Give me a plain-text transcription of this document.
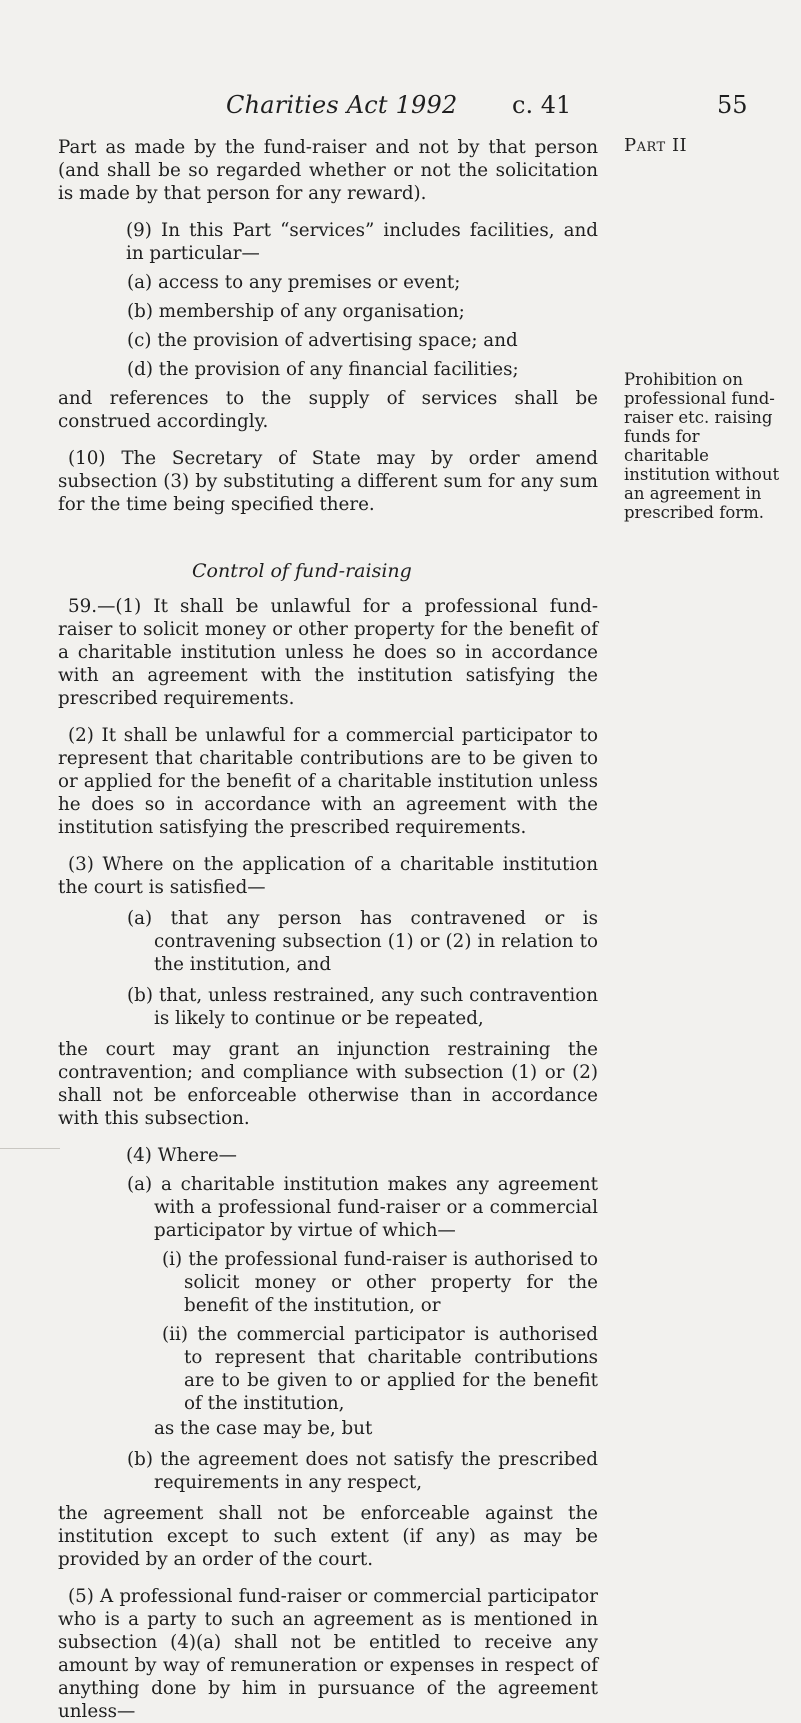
Charities Act 1992 c. 41	55
Part II
Prohibition on professional fund-raiser etc. raising funds for charitable institution without an agreement in prescribed form.

Part as made by the fund-raiser and not by that person (and shall be so regarded whether or not the solicitation is made by that person for any reward).

(9) In this Part “services” includes facilities, and in particular—

(a) access to any premises or event;

(b) membership of any organisation;

(c) the provision of advertising space; and

(d) the provision of any financial facilities;

and references to the supply of services shall be construed accordingly.

(10) The Secretary of State may by order amend subsection (3) by substituting a different sum for any sum for the time being specified there.

Control of fund-raising

59.—(1) It shall be unlawful for a professional fund-raiser to solicit money or other property for the benefit of a charitable institution unless he does so in accordance with an agreement with the institution satisfying the prescribed requirements.

(2) It shall be unlawful for a commercial participator to represent that charitable contributions are to be given to or applied for the benefit of a charitable institution unless he does so in accordance with an agreement with the institution satisfying the prescribed requirements.

(3) Where on the application of a charitable institution the court is satisfied—

(a) that any person has contravened or is contravening subsection (1) or (2) in relation to the institution, and

(b) that, unless restrained, any such contravention is likely to continue or be repeated,

the court may grant an injunction restraining the contravention; and compliance with subsection (1) or (2) shall not be enforceable otherwise than in accordance with this subsection.

(4) Where—

(a) a charitable institution makes any agreement with a professional fund-raiser or a commercial participator by virtue of which—

(i) the professional fund-raiser is authorised to solicit money or other property for the benefit of the institution, or

(ii) the commercial participator is authorised to represent that charitable contributions are to be given to or applied for the benefit of the institution,

as the case may be, but

(b) the agreement does not satisfy the prescribed requirements in any respect,

the agreement shall not be enforceable against the institution except to such extent (if any) as may be provided by an order of the court.

(5) A professional fund-raiser or commercial participator who is a party to such an agreement as is mentioned in subsection (4)(a) shall not be entitled to receive any amount by way of remuneration or expenses in respect of anything done by him in pursuance of the agreement unless—
